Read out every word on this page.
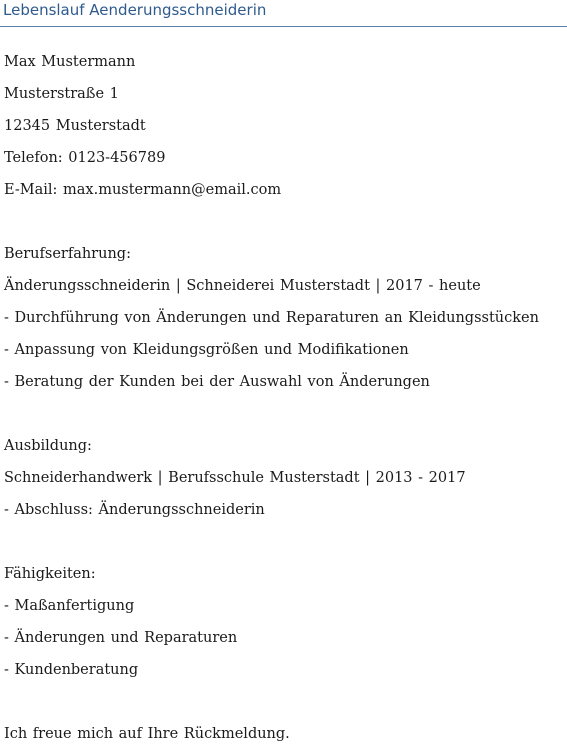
Lebenslauf Aenderungsschneiderin
Max Mustermann
Musterstraße 1
12345 Musterstadt
Telefon: 0123-456789
E-Mail: max.mustermann@email.com
Berufserfahrung:
Änderungsschneiderin | Schneiderei Musterstadt | 2017 - heute
- Durchführung von Änderungen und Reparaturen an Kleidungsstücken
- Anpassung von Kleidungsgrößen und Modifikationen
- Beratung der Kunden bei der Auswahl von Änderungen
Ausbildung:
Schneiderhandwerk | Berufsschule Musterstadt | 2013 - 2017
- Abschluss: Änderungsschneiderin
Fähigkeiten:
- Maßanfertigung
- Änderungen und Reparaturen
- Kundenberatung
Ich freue mich auf Ihre Rückmeldung.
